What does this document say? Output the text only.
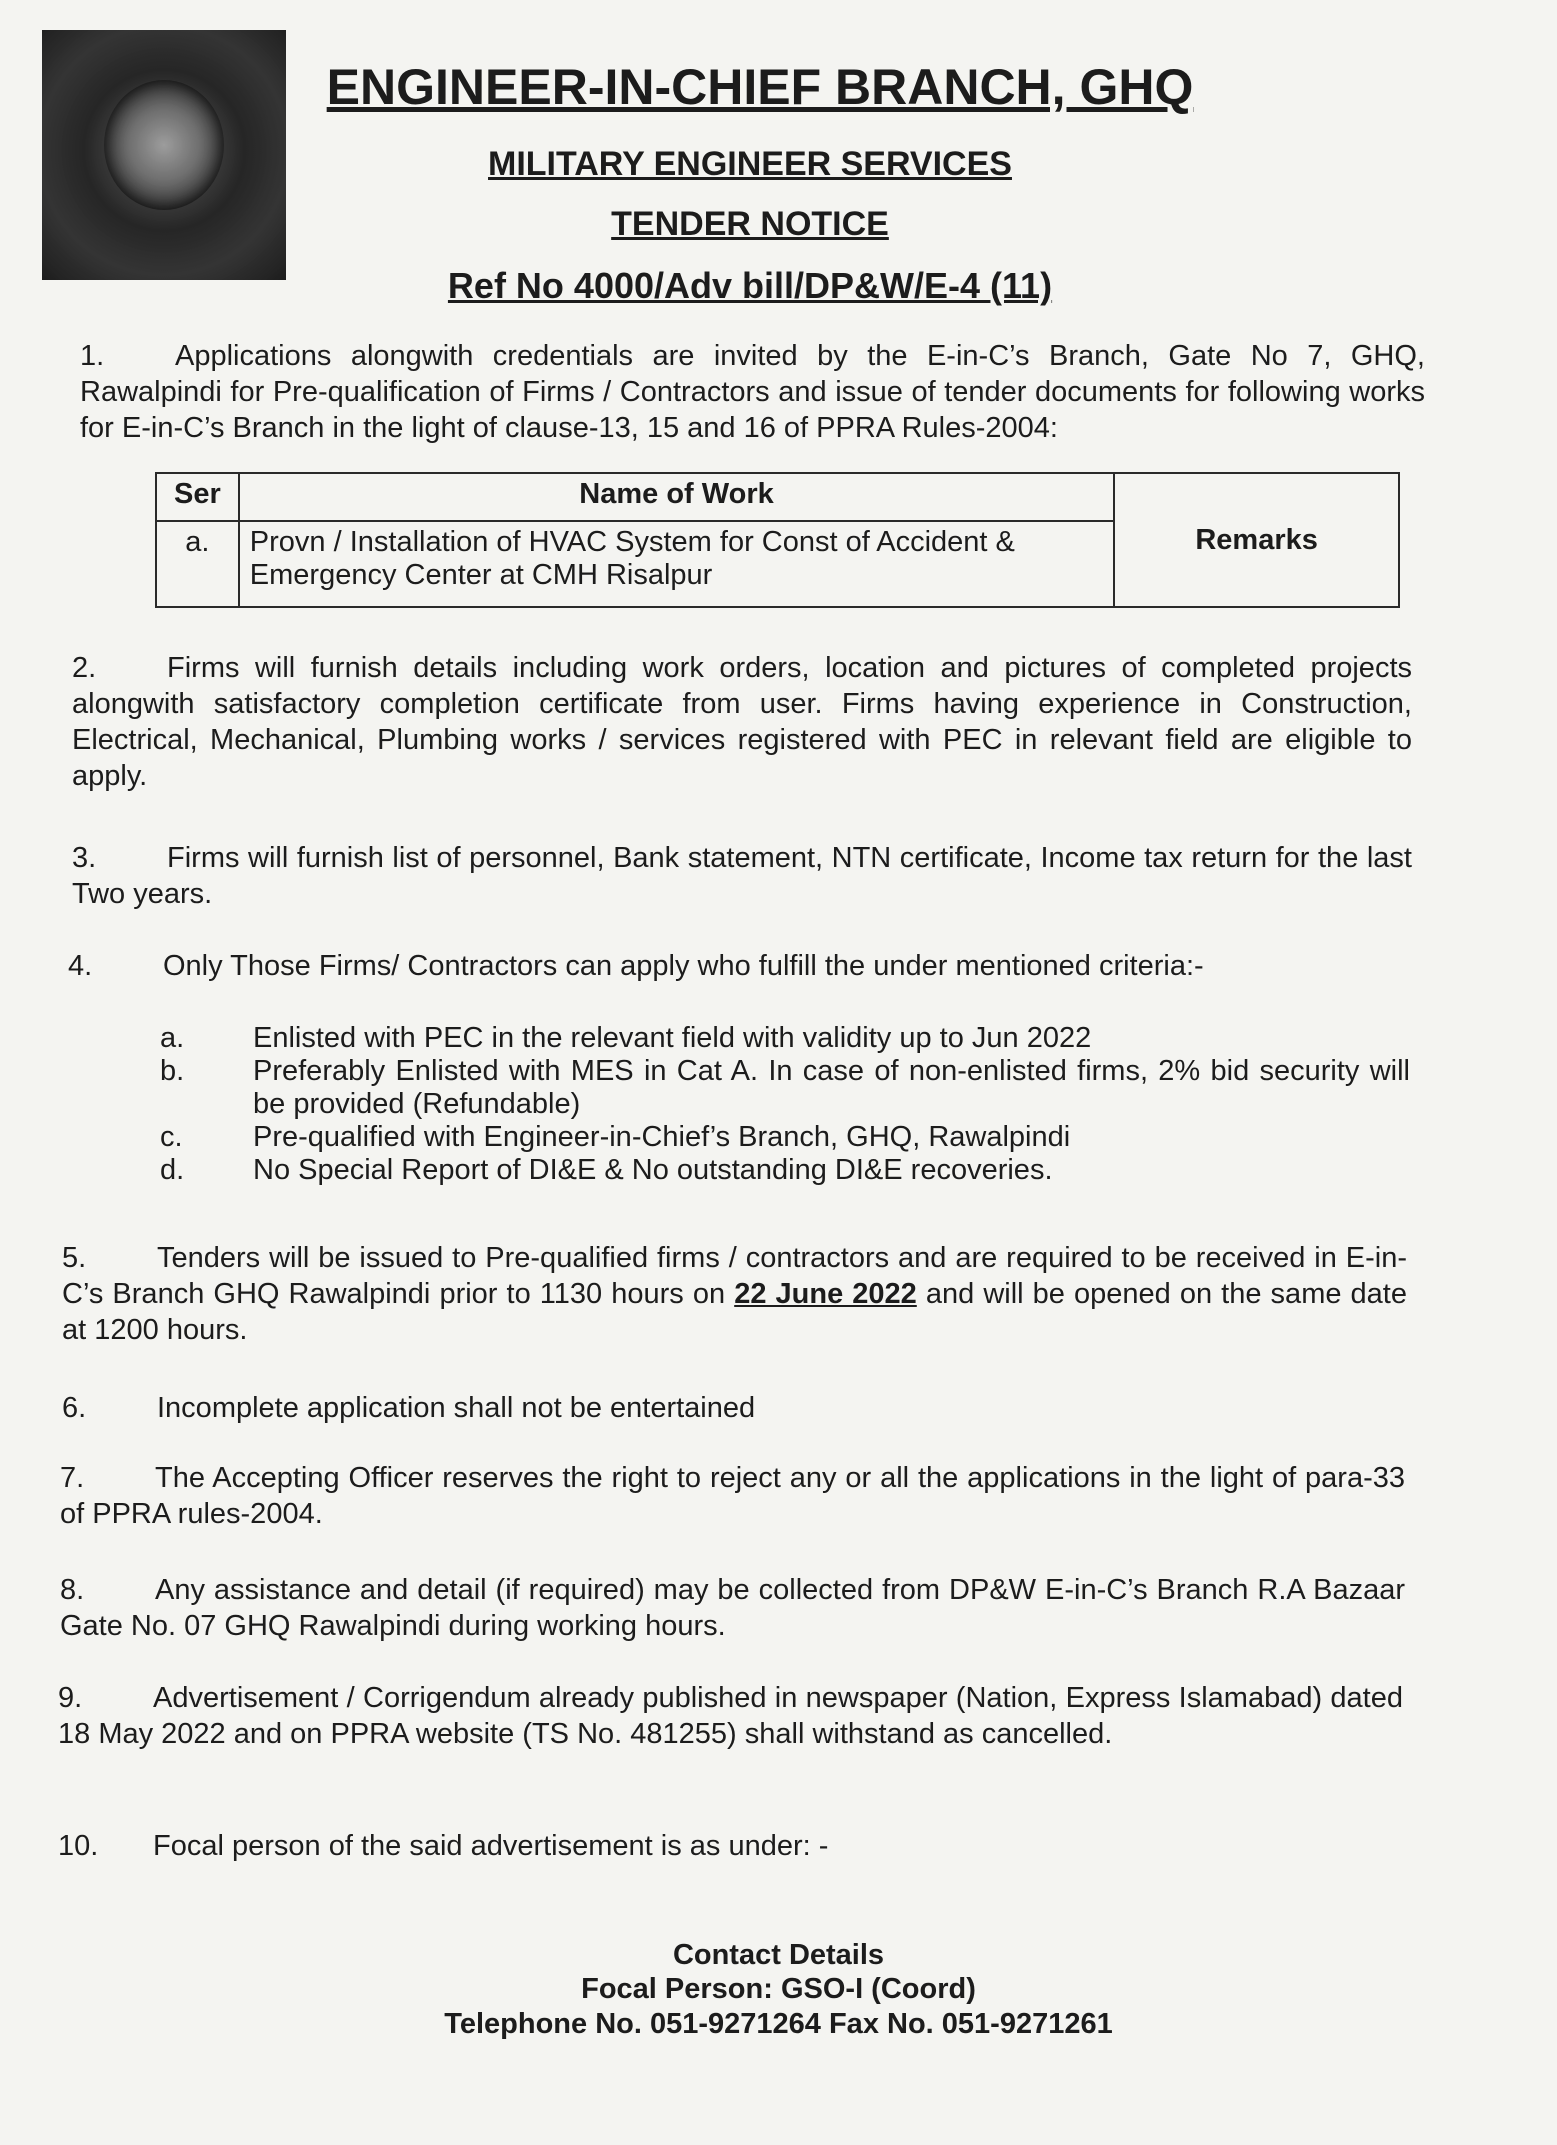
ENGINEER-IN-CHIEF BRANCH, GHQ
MILITARY ENGINEER SERVICES
TENDER NOTICE
Ref No 4000/Adv bill/DP&W/E-4 (11)

1. Applications alongwith credentials are invited by the E-in-C’s Branch, Gate No 7, GHQ, Rawalpindi for Pre-qualification of Firms / Contractors and issue of tender documents for following works for E-in-C’s Branch in the light of clause-13, 15 and 16 of PPRA Rules-2004:

Ser	Name of Work	Remarks
a.	Provn / Installation of HVAC System for Const of Accident & Emergency Center at CMH Risalpur	

2. Firms will furnish details including work orders, location and pictures of completed projects alongwith satisfactory completion certificate from user. Firms having experience in Construction, Electrical, Mechanical, Plumbing works / services registered with PEC in relevant field are eligible to apply.

3. Firms will furnish list of personnel, Bank statement, NTN certificate, Income tax return for the last Two years.

4. Only Those Firms/ Contractors can apply who fulfill the under mentioned criteria:-

a.	Enlisted with PEC in the relevant field with validity up to Jun 2022
b.	Preferably Enlisted with MES in Cat A. In case of non-enlisted firms, 2% bid security will be provided (Refundable)
c.	Pre-qualified with Engineer-in-Chief’s Branch, GHQ, Rawalpindi
d.	No Special Report of DI&E & No outstanding DI&E recoveries.

5. Tenders will be issued to Pre-qualified firms / contractors and are required to be received in E-in-C’s Branch GHQ Rawalpindi prior to 1130 hours on 22 June 2022 and will be opened on the same date at 1200 hours.

6. Incomplete application shall not be entertained

7. The Accepting Officer reserves the right to reject any or all the applications in the light of para-33 of PPRA rules-2004.

8. Any assistance and detail (if required) may be collected from DP&W E-in-C’s Branch R.A Bazaar Gate No. 07 GHQ Rawalpindi during working hours.

9. Advertisement / Corrigendum already published in newspaper (Nation, Express Islamabad) dated 18 May 2022 and on PPRA website (TS No. 481255) shall withstand as cancelled.

10. Focal person of the said advertisement is as under: -

Contact Details
Focal Person: GSO-I (Coord)
Telephone No. 051-9271264 Fax No. 051-9271261
